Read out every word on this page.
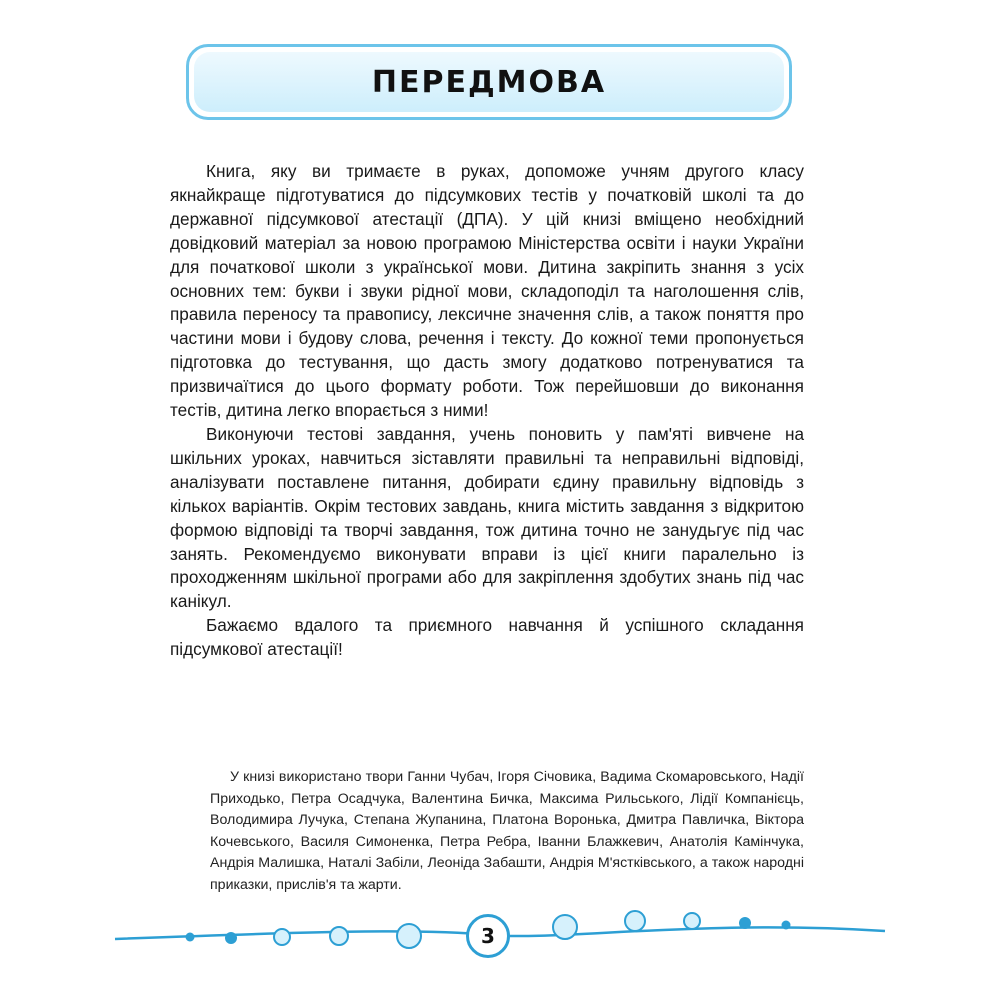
ПЕРЕДМОВА

Книга, яку ви тримаєте в руках, допоможе учням другого класу якнайкраще підготуватися до підсумкових тестів у початковій школі та до державної підсумкової атестації (ДПА). У цій книзі вміщено необхідний довідковий матеріал за новою програмою Міністерства освіти і науки України для початкової школи з української мови. Дитина закріпить знання з усіх основних тем: букви і звуки рідної мови, складоподіл та наголошення слів, правила переносу та правопису, лексичне значення слів, а також поняття про частини мови і будову слова, речення і тексту. До кожної теми пропонується підготовка до тестування, що дасть змогу додатково потренуватися та призвичаїтися до цього формату роботи. Тож перейшовши до виконання тестів, дитина легко впорається з ними!

Виконуючи тестові завдання, учень поновить у пам'яті вивчене на шкільних уроках, навчиться зіставляти правильні та неправильні відповіді, аналізувати поставлене питання, добирати єдину правильну відповідь з кількох варіантів. Окрім тестових завдань, книга містить завдання з відкритою формою відповіді та творчі завдання, тож дитина точно не занудьгує під час занять. Рекомендуємо виконувати вправи із цієї книги паралельно із проходженням шкільної програми або для закріплення здобутих знань під час канікул.

Бажаємо вдалого та приємного навчання й успішного складання підсумкової атестації!

У книзі використано твори Ганни Чубач, Ігоря Січовика, Вадима Скомаровського, Надії Приходько, Петра Осадчука, Валентина Бичка, Максима Рильського, Лідії Компанієць, Володимира Лучука, Степана Жупанина, Платона Воронька, Дмитра Павличка, Віктора Кочевського, Василя Симоненка, Петра Ребра, Іванни Блажкевич, Анатолія Камінчука, Андрія Малишка, Наталі Забіли, Леоніда Забашти, Андрія М'ястківського, а також народні приказки, прислів'я та жарти.

3
